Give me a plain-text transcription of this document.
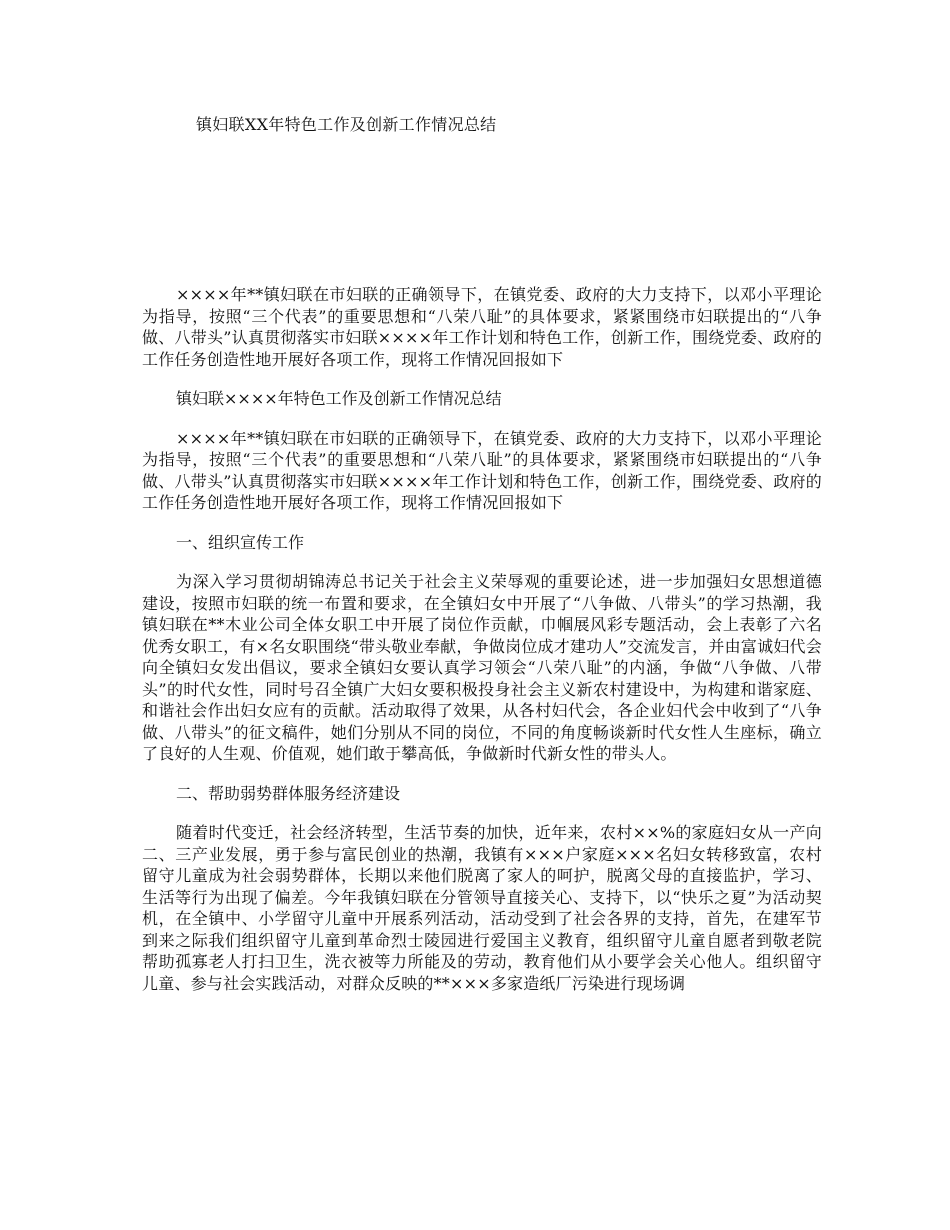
镇妇联XX年特色工作及创新工作情况总结

××××年**镇妇联在市妇联的正确领导下，在镇党委、政府的大力支持下，以邓小平理论为指导，按照“三个代表”的重要思想和“八荣八耻”的具体要求，紧紧围绕市妇联提出的“八争做、八带头”认真贯彻落实市妇联××××年工作计划和特色工作，创新工作，围绕党委、政府的工作任务创造性地开展好各项工作，现将工作情况回报如下

镇妇联××××年特色工作及创新工作情况总结

××××年**镇妇联在市妇联的正确领导下，在镇党委、政府的大力支持下，以邓小平理论为指导，按照“三个代表”的重要思想和“八荣八耻”的具体要求，紧紧围绕市妇联提出的“八争做、八带头”认真贯彻落实市妇联××××年工作计划和特色工作，创新工作，围绕党委、政府的工作任务创造性地开展好各项工作，现将工作情况回报如下

一、组织宣传工作

为深入学习贯彻胡锦涛总书记关于社会主义荣辱观的重要论述，进一步加强妇女思想道德建设，按照市妇联的统一布置和要求，在全镇妇女中开展了“八争做、八带头”的学习热潮，我镇妇联在**木业公司全体女职工中开展了岗位作贡献，巾帼展风彩专题活动，会上表彰了六名优秀女职工，有×名女职围绕“带头敬业奉献，争做岗位成才建功人”交流发言，并由富诚妇代会向全镇妇女发出倡议，要求全镇妇女要认真学习领会“八荣八耻”的内涵，争做“八争做、八带头”的时代女性，同时号召全镇广大妇女要积极投身社会主义新农村建设中，为构建和谐家庭、和谐社会作出妇女应有的贡献。活动取得了效果，从各村妇代会，各企业妇代会中收到了“八争做、八带头”的征文稿件，她们分别从不同的岗位，不同的角度畅谈新时代女性人生座标，确立了良好的人生观、价值观，她们敢于攀高低，争做新时代新女性的带头人。

二、帮助弱势群体服务经济建设

随着时代变迁，社会经济转型，生活节奏的加快，近年来，农村××%的家庭妇女从一产向二、三产业发展，勇于参与富民创业的热潮，我镇有×××户家庭×××名妇女转移致富，农村留守儿童成为社会弱势群体，长期以来他们脱离了家人的呵护，脱离父母的直接监护，学习、生活等行为出现了偏差。今年我镇妇联在分管领导直接关心、支持下，以“快乐之夏”为活动契机，在全镇中、小学留守儿童中开展系列活动，活动受到了社会各界的支持，首先，在建军节到来之际我们组织留守儿童到革命烈士陵园进行爱国主义教育，组织留守儿童自愿者到敬老院帮助孤寡老人打扫卫生，洗衣被等力所能及的劳动，教育他们从小要学会关心他人。组织留守儿童、参与社会实践活动，对群众反映的**×××多家造纸厂污染进行现场调
